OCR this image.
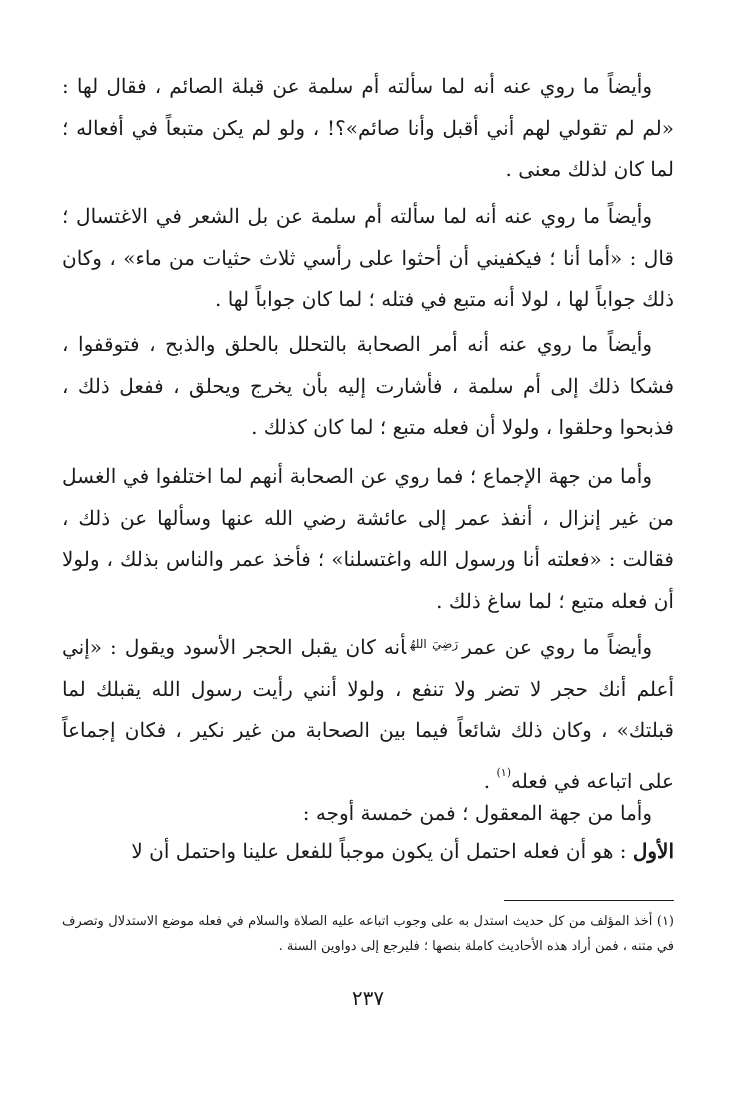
وأيضاً ما روي عنه أنه لما سألته أم سلمة عن قبلة الصائم ، فقال لها : «لم لم تقولي لهم أني أقبل وأنا صائم»؟! ، ولو لم يكن متبعاً في أفعاله ؛ لما كان لذلك معنى .

وأيضاً ما روي عنه أنه لما سألته أم سلمة عن بل الشعر في الاغتسال ؛ قال : «أما أنا ؛ فيكفيني أن أحثوا على رأسي ثلاث حثيات من ماء» ، وكان ذلك جواباً لها ، لولا أنه متبع في فتله ؛ لما كان جواباً لها .

وأيضاً ما روي عنه أنه أمر الصحابة بالتحلل بالحلق والذبح ، فتوقفوا ، فشكا ذلك إلى أم سلمة ، فأشارت إليه بأن يخرج ويحلق ، ففعل ذلك ، فذبحوا وحلقوا ، ولولا أن فعله متبع ؛ لما كان كذلك .

وأما من جهة الإجماع ؛ فما روي عن الصحابة أنهم لما اختلفوا في الغسل من غير إنزال ، أنفذ عمر إلى عائشة رضي الله عنها وسألها عن ذلك ، فقالت : «فعلته أنا ورسول الله واغتسلنا» ؛ فأخذ عمر والناس بذلك ، ولولا أن فعله متبع ؛ لما ساغ ذلك .

وأيضاً ما روي عن عمر$^{رَضِيَ اللهُ}$أنه كان يقبل الحجر الأسود ويقول : «إني أعلم أنك حجر لا تضر ولا تنفع ، ولولا أنني رأيت رسول الله يقبلك لما قبلتك» ، وكان ذلك شائعاً فيما بين الصحابة من غير نكير ، فكان إجماعاً على اتباعه في فعله$^{(١)}$ .

وأما من جهة المعقول ؛ فمن خمسة أوجه :

الأول : هو أن فعله احتمل أن يكون موجباً للفعل علينا واحتمل أن لا

(١) أخذ المؤلف من كل حديث استدل به على وجوب اتباعه عليه الصلاة والسلام في فعله موضع الاستدلال وتصرف في متنه ، فمن أراد هذه الأحاديث كاملة بنصها ؛ فليرجع إلى دواوين السنة .

٢٣٧
